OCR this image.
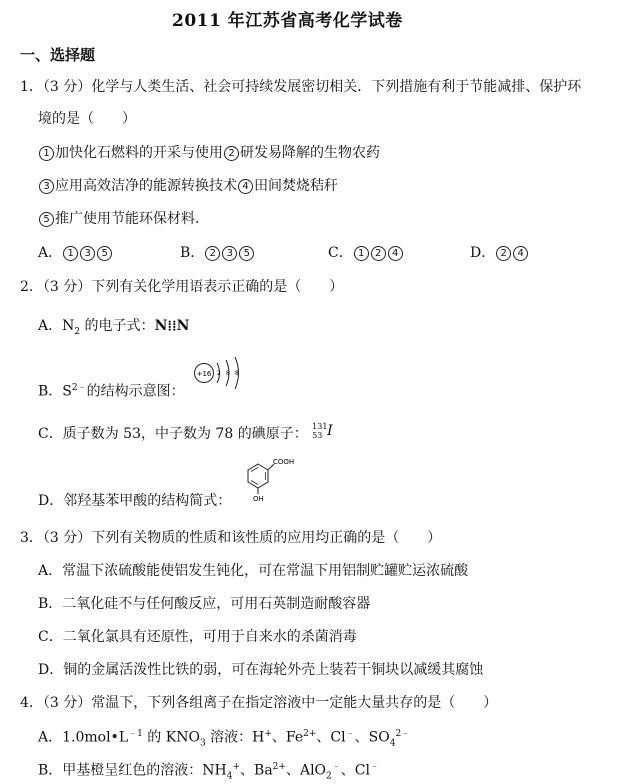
2011 年江苏省高考化学试卷
一、选择题
1．（3 分）化学与人类生活、社会可持续发展密切相关．下列措施有利于节能减排、保护环
境的是（　　）
1 加快化石燃料的开采与使用 2 研发易降解的生物农药
3 应用高效洁净的能源转换技术 4 田间焚烧秸秆
5 推广使用节能环保材料．
A． 1 3 5	B． 2 3 5	C． 1 2 4	D． 2 4
2．（3 分）下列有关化学用语表示正确的是（　　）
A．$N_2$ 的电子式：N⁞⁞N
B．$S^{2﹣}$的结构示意图：
+16 2 8 8
C．质子数为 53，中子数为 78 的碘原子： 131
53 I
D．邻羟基苯甲酸的结构简式：
COOH
OH
3．（3 分）下列有关物质的性质和该性质的应用均正确的是（　　）
A．常温下浓硫酸能使铝发生钝化，可在常温下用铝制贮罐贮运浓硫酸
B．二氧化硅不与任何酸反应，可用石英制造耐酸容器
C．二氧化氯具有还原性，可用于自来水的杀菌消毒
D．铜的金属活泼性比铁的弱，可在海轮外壳上装若干铜块以减缓其腐蚀
4．（3 分）常温下，下列各组离子在指定溶液中一定能大量共存的是（　　）
A．$1.0mol•L^{﹣1}$ 的 $KNO_3$ 溶液：H+、$Fe^{2+}$、Cl﹣、$SO_4^{2﹣}$
B．甲基橙呈红色的溶液：$NH_4^+$、$Ba^{2+}$、AlO$_2$﹣、Cl﹣
